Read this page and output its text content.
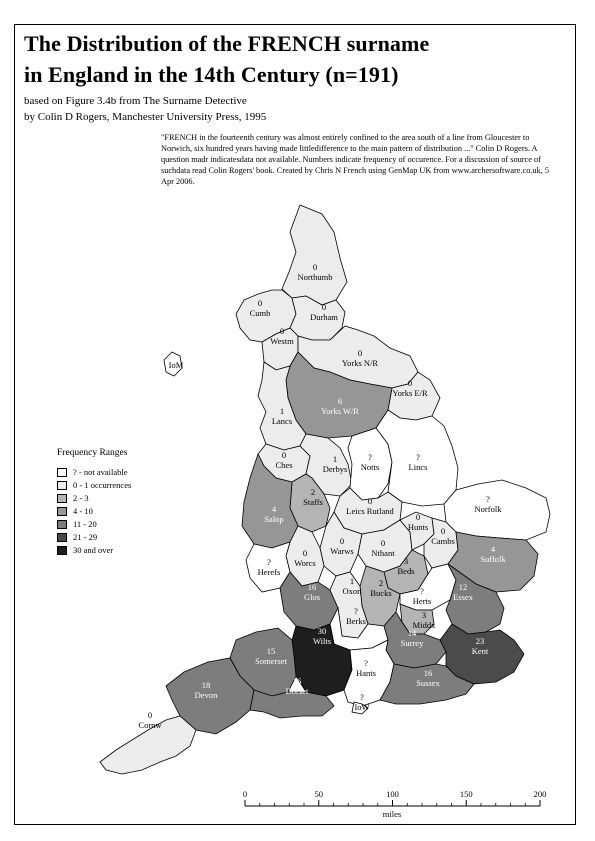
The Distribution of the FRENCH surname
in England in the 14th Century (n=191)
based on Figure 3.4b from The Surname Detective
by Colin D Rogers, Manchester University Press, 1995
"FRENCH in the fourteenth century was almost entirely confined to the area south of a line from Gloucester to Norwich, six hundred years having made littledifference to the main pattern of distribution ..." Colin D Rogers. A question madr indicatesdata not available. Numbers indicate frequency of occurence. For a discussion of source of suchdata read Colin Rogers' book. Created by Chris N French using GenMap UK from www.archersoftware.co.uk, 5 Apr 2006.
Northumb
0
Cumb
0
Durham
0
Westm
0
Yorks N/R
0
Yorks E/R
0
Yorks W/R
6
Lancs
1
Ches
0
Derbys
1
Notts
?
Lincs
?
Staffs
2
Salop
4	Leics Rutland
0
Norfolk
?
Warws
0
Nthant
0
Hunts
0
Cambs
0
Suffolk
4
Worcs
0
Herefs
?
Beds
3
Bucks
2
Herts
?
Essex
12
Glos
16	Oxon
1
Middx
3
Berks
?
Wilts
30
Surrey
14
Kent
23
Somerset
15
Hants
?
Sussex
16
Devon
18
Dorset
16
IoW
?
Cornw
0
IoM
0	50	100	150	200
miles
Frequency Ranges
? - not available
0 - 1 occurrences
2 - 3
4 - 10
11 - 20
21 - 29
30 and over
